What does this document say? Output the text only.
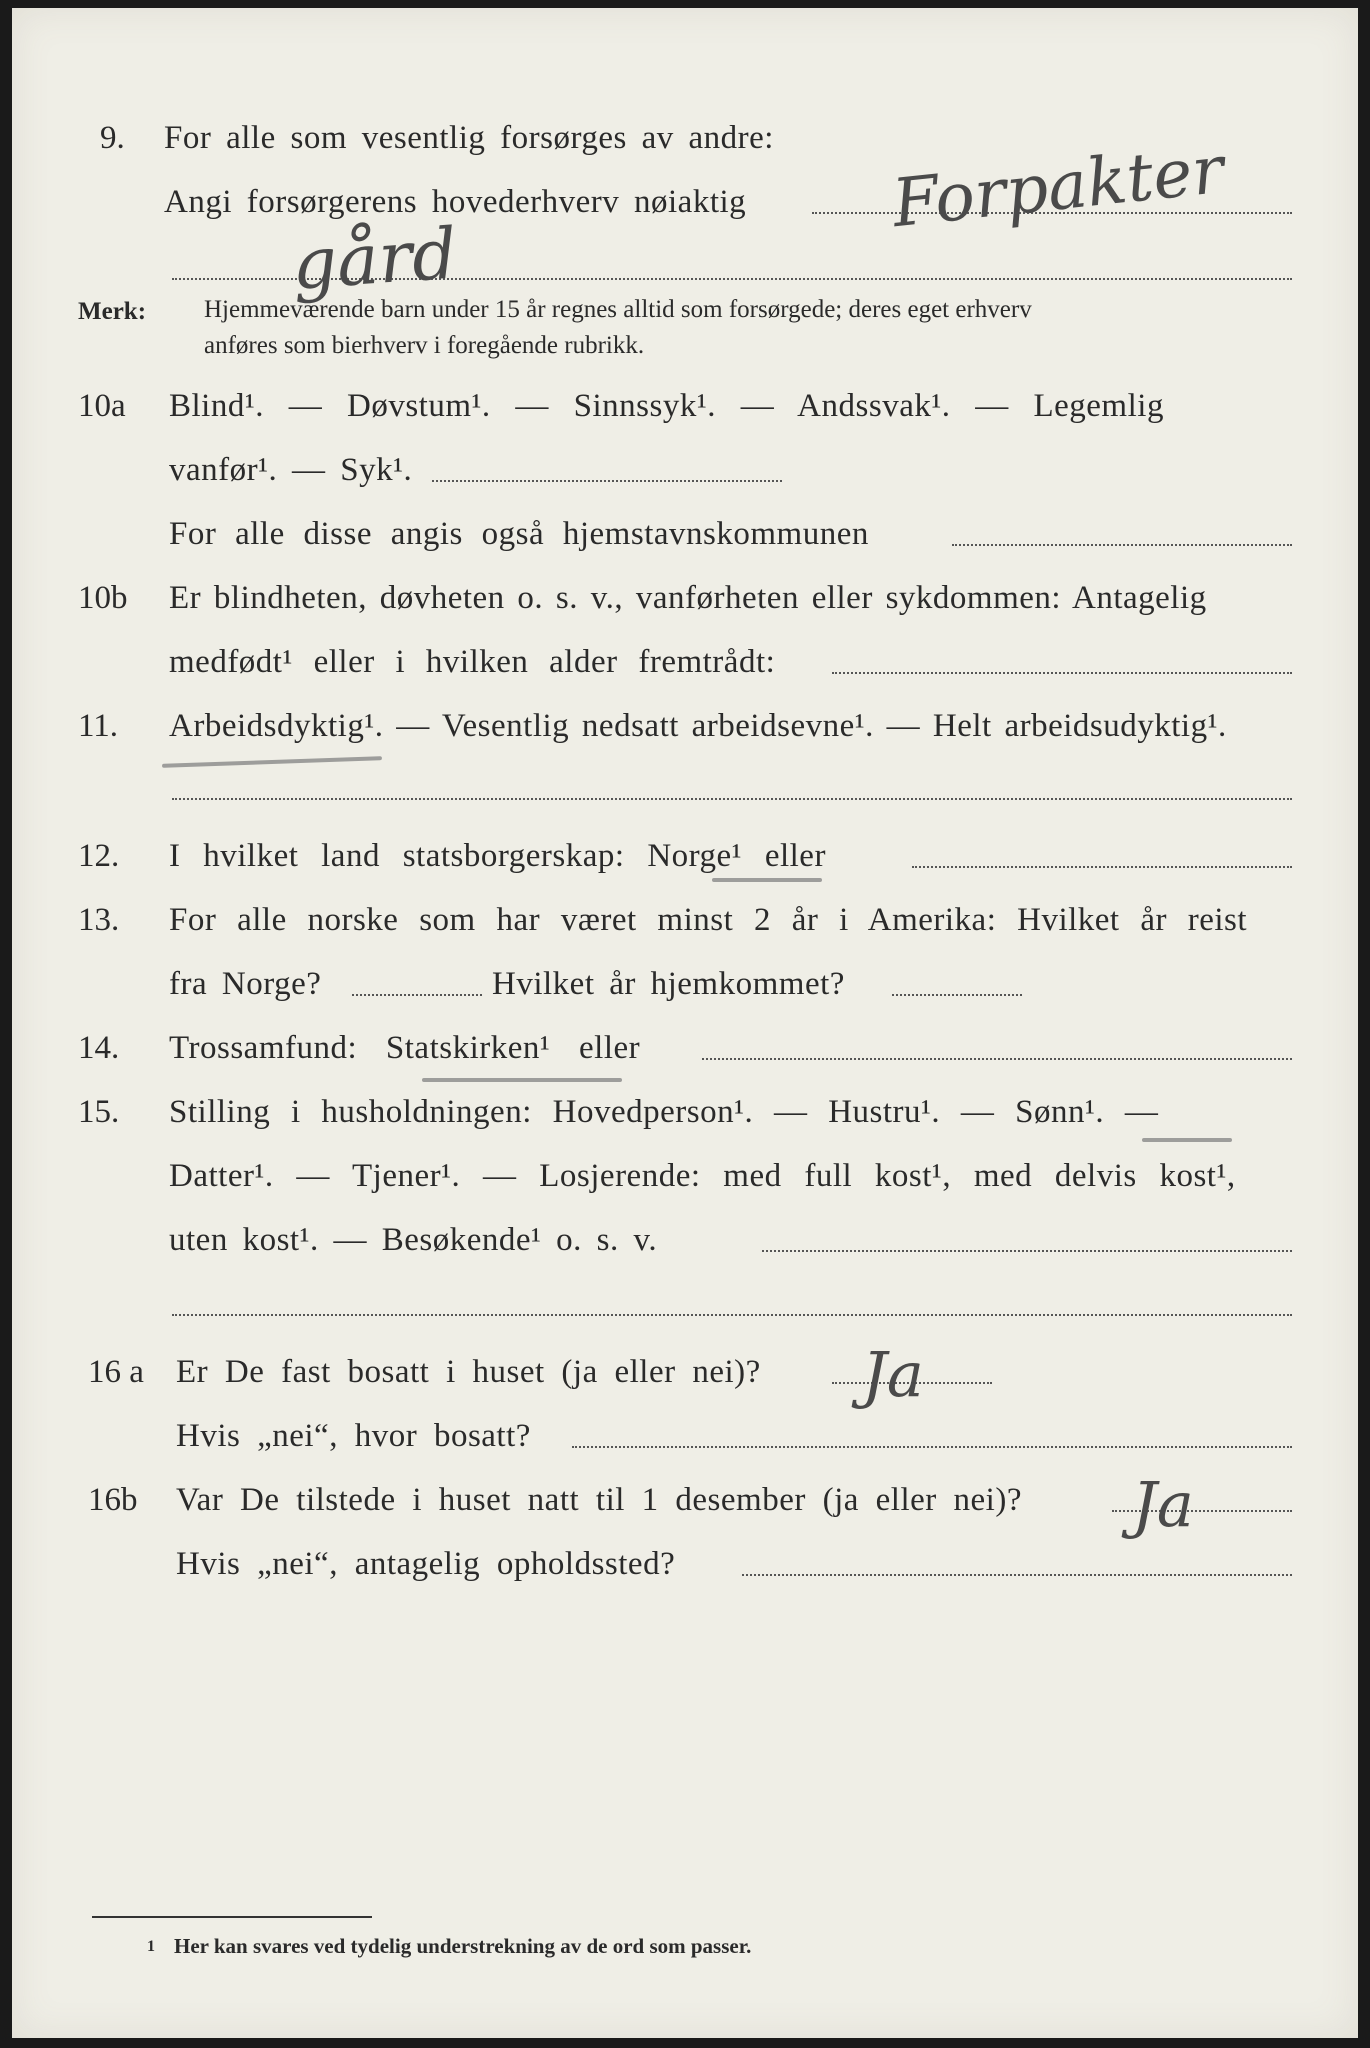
9. For alle som vesentlig forsørges av andre:
Angi forsørgerens hovederhverv nøiaktig Forpakter
gård
Merk: Hjemmeværende barn under 15 år regnes alltid som forsørgede; deres eget erhverv
anføres som bierhverv i foregående rubrikk.
10a Blind¹. — Døvstum¹. — Sinnssyk¹. — Andssvak¹. — Legemlig
vanfør¹. — Syk¹.
For alle disse angis også hjemstavnskommunen
10b Er blindheten, døvheten o. s. v., vanførheten eller sykdommen: Antagelig
medfødt¹ eller i hvilken alder fremtrådt:
11. Arbeidsdyktig¹. — Vesentlig nedsatt arbeidsevne¹. — Helt arbeidsudyktig¹.
12. I hvilket land statsborgerskap: Norge¹ eller
13. For alle norske som har været minst 2 år i Amerika: Hvilket år reist
fra Norge?	Hvilket år hjemkommet?
14. Trossamfund: Statskirken¹ eller
15. Stilling i husholdningen: Hovedperson¹. — Hustru¹. — Sønn¹. —
Datter¹. — Tjener¹. — Losjerende: med full kost¹, med delvis kost¹,
uten kost¹. — Besøkende¹ o. s. v.
16 a Er De fast bosatt i huset (ja eller nei)? Ja
Hvis „nei“, hvor bosatt?
16b Var De tilstede i huset natt til 1 desember (ja eller nei)? Ja
Hvis „nei“, antagelig opholdssted?
1 Her kan svares ved tydelig understrekning av de ord som passer.
